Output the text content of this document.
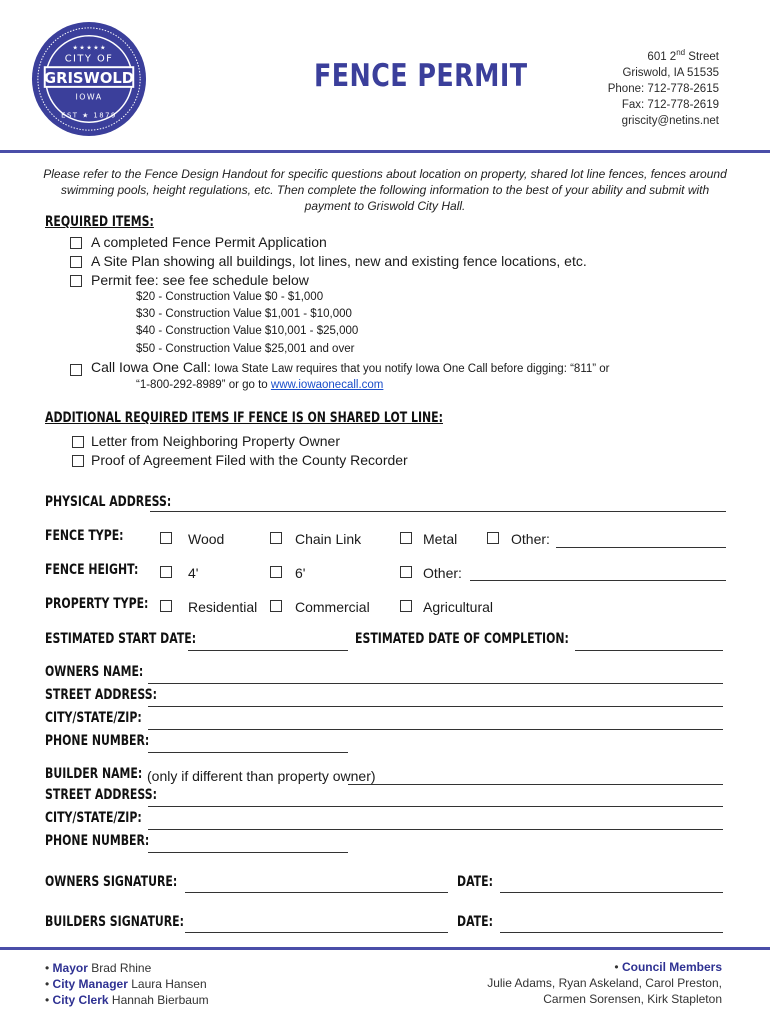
★ ★ ★ ★ ★
CITY OF
GRISWOLD
IOWA
EST ★ 1879
FENCE PERMIT
601 2nd Street
Griswold, IA 51535
Phone: 712-778-2615
Fax: 712-778-2619
griscity@netins.net
Please refer to the Fence Design Handout for specific questions about location on property, shared lot line fences, fences around swimming pools, height regulations, etc. Then complete the following information to the best of your ability and submit with payment to Griswold City Hall.
REQUIRED ITEMS:
A completed Fence Permit Application
A Site Plan showing all buildings, lot lines, new and existing fence locations, etc.
Permit fee: see fee schedule below
$20 - Construction Value $0 - $1,000
$30 - Construction Value $1,001 - $10,000
$40 - Construction Value $10,001 - $25,000
$50 - Construction Value $25,001 and over
Call Iowa One Call: Iowa State Law requires that you notify Iowa One Call before digging: “811” or
“1-800-292-8989” or go to www.iowaonecall.com
ADDITIONAL REQUIRED ITEMS IF FENCE IS ON SHARED LOT LINE:
Letter from Neighboring Property Owner
Proof of Agreement Filed with the County Recorder
PHYSICAL ADDRESS:
FENCE TYPE:	Wood	Chain Link	Metal	Other:
FENCE HEIGHT:	4'	6'	Other:
PROPERTY TYPE:	Residential	Commercial	Agricultural
ESTIMATED START DATE:	ESTIMATED DATE OF COMPLETION:
OWNERS NAME:
STREET ADDRESS:
CITY/STATE/ZIP:
PHONE NUMBER:
BUILDER NAME: (only if different than property owner)
STREET ADDRESS:
CITY/STATE/ZIP:
PHONE NUMBER:
OWNERS SIGNATURE:	DATE:
BUILDERS SIGNATURE:	DATE:
• Mayor Brad Rhine
• City Manager Laura Hansen
• City Clerk Hannah Bierbaum
• Council Members
Julie Adams, Ryan Askeland, Carol Preston,
Carmen Sorensen, Kirk Stapleton
